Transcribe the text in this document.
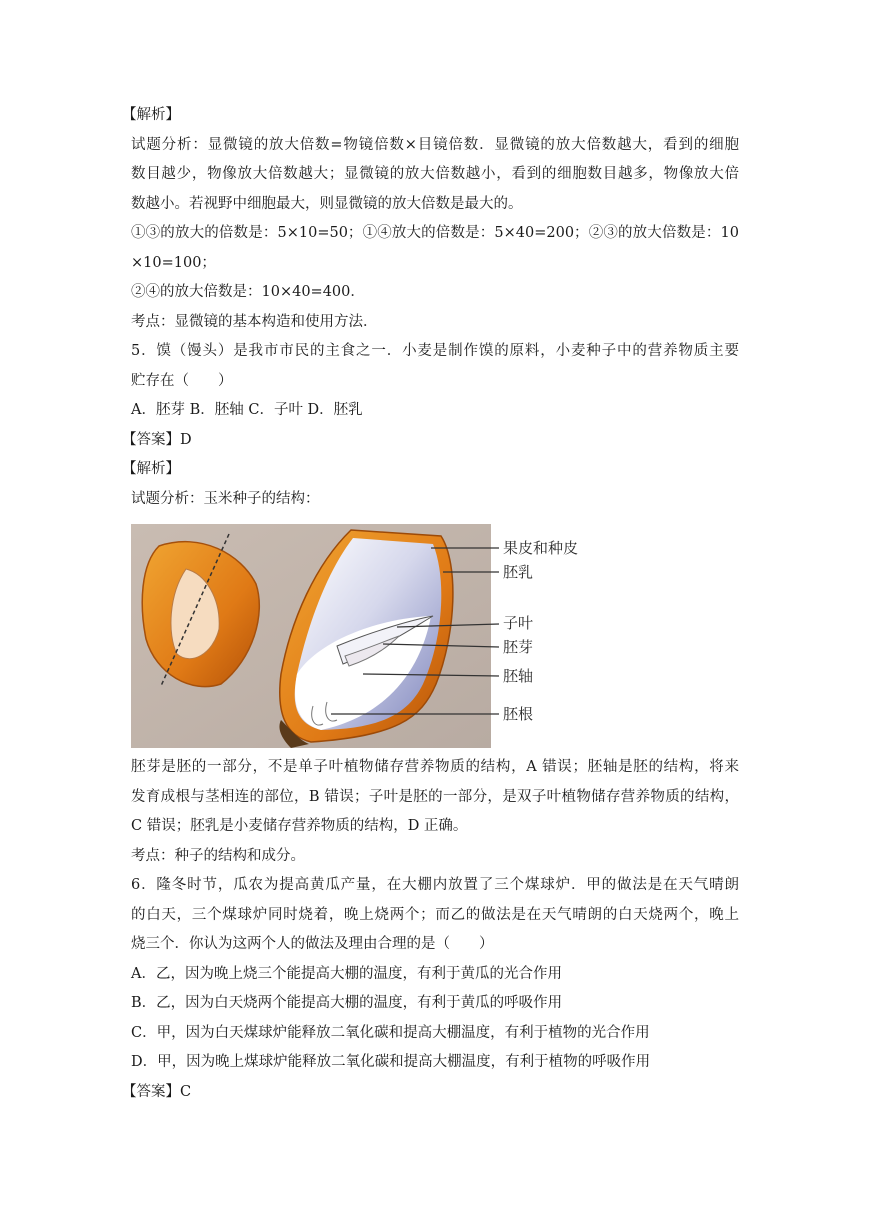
【解析】
试题分析：显微镜的放大倍数=物镜倍数×目镜倍数．显微镜的放大倍数越大，看到的细胞
数目越少，物像放大倍数越大；显微镜的放大倍数越小，看到的细胞数目越多，物像放大倍
数越小。若视野中细胞最大，则显微镜的放大倍数是最大的。
①③的放大的倍数是：5×10=50；①④放大的倍数是：5×40=200；②③的放大倍数是：10
×10=100；
②④的放大倍数是：10×40=400．
考点：显微镜的基本构造和使用方法．
5．馍（馒头）是我市市民的主食之一．小麦是制作馍的原料，小麦种子中的营养物质主要
贮存在（　　）
A．胚芽 B．胚轴 C．子叶 D．胚乳
【答案】D
【解析】
试题分析：玉米种子的结构：
果皮和种皮
胚乳
子叶
胚芽
胚轴
胚根
胚芽是胚的一部分，不是单子叶植物储存营养物质的结构，A 错误；胚轴是胚的结构，将来
发育成根与茎相连的部位，B 错误；子叶是胚的一部分，是双子叶植物储存营养物质的结构，
C 错误；胚乳是小麦储存营养物质的结构，D 正确。
考点：种子的结构和成分。
6．隆冬时节，瓜农为提高黄瓜产量，在大棚内放置了三个煤球炉．甲的做法是在天气晴朗
的白天，三个煤球炉同时烧着，晚上烧两个；而乙的做法是在天气晴朗的白天烧两个，晚上
烧三个．你认为这两个人的做法及理由合理的是（　　）
A．乙，因为晚上烧三个能提高大棚的温度，有利于黄瓜的光合作用
B．乙，因为白天烧两个能提高大棚的温度，有利于黄瓜的呼吸作用
C．甲，因为白天煤球炉能释放二氧化碳和提高大棚温度，有利于植物的光合作用
D．甲，因为晚上煤球炉能释放二氧化碳和提高大棚温度，有利于植物的呼吸作用
【答案】C
